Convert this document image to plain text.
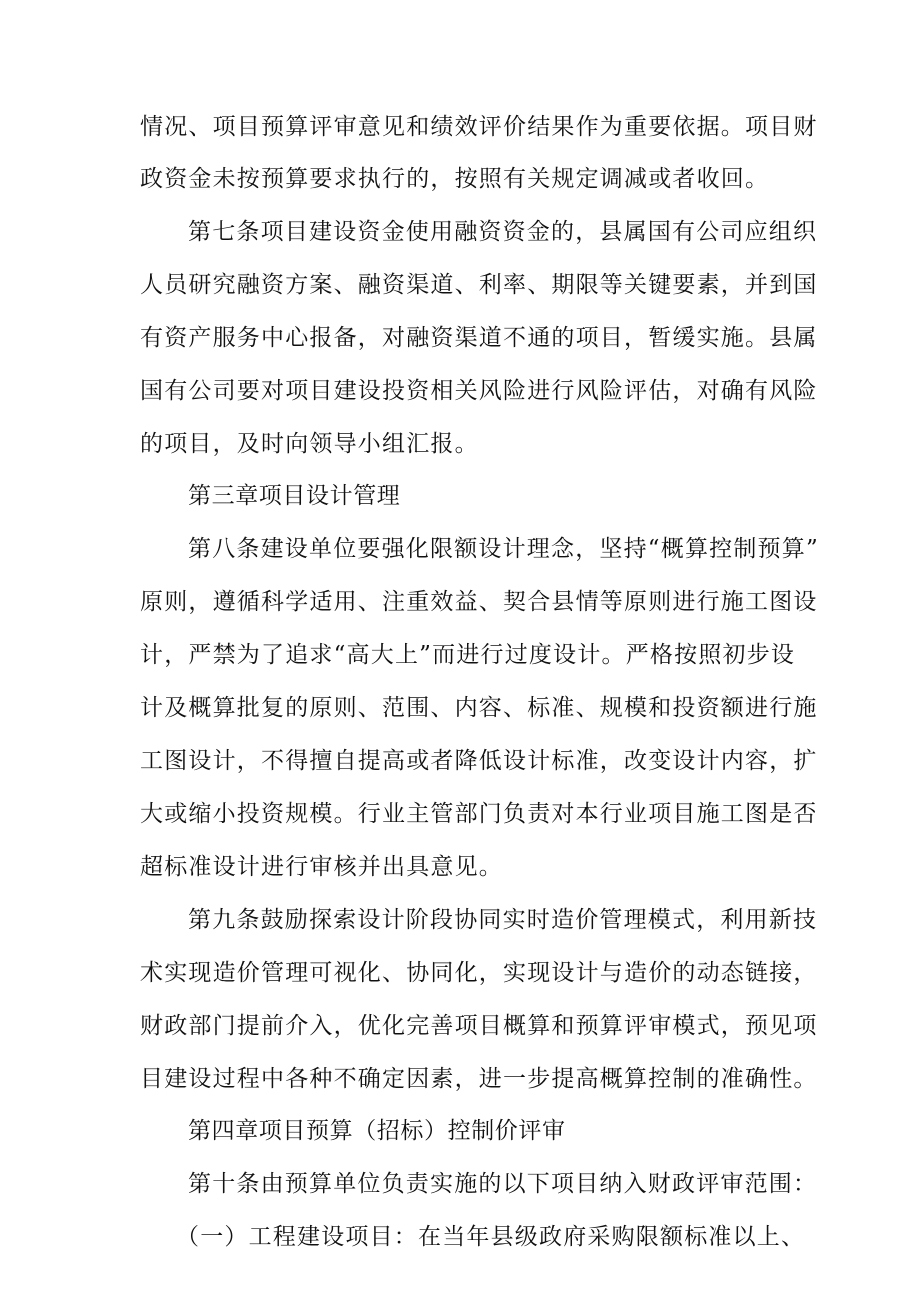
情况、项目预算评审意见和绩效评价结果作为重要依据。项目财
政资金未按预算要求执行的，按照有关规定调减或者收回。
第七条项目建设资金使用融资资金的，县属国有公司应组织
人员研究融资方案、融资渠道、利率、期限等关键要素，并到国
有资产服务中心报备，对融资渠道不通的项目，暂缓实施。县属
国有公司要对项目建设投资相关风险进行风险评估，对确有风险
的项目，及时向领导小组汇报。
第三章项目设计管理
第八条建设单位要强化限额设计理念，坚持“概算控制预算”
原则，遵循科学适用、注重效益、契合县情等原则进行施工图设
计，严禁为了追求“高大上”而进行过度设计。严格按照初步设
计及概算批复的原则、范围、内容、标准、规模和投资额进行施
工图设计，不得擅自提高或者降低设计标准，改变设计内容，扩
大或缩小投资规模。行业主管部门负责对本行业项目施工图是否
超标准设计进行审核并出具意见。
第九条鼓励探索设计阶段协同实时造价管理模式，利用新技
术实现造价管理可视化、协同化，实现设计与造价的动态链接，
财政部门提前介入，优化完善项目概算和预算评审模式，预见项
目建设过程中各种不确定因素，进一步提高概算控制的准确性。
第四章项目预算（招标）控制价评审
第十条由预算单位负责实施的以下项目纳入财政评审范围：
（一）工程建设项目：在当年县级政府采购限额标准以上、
